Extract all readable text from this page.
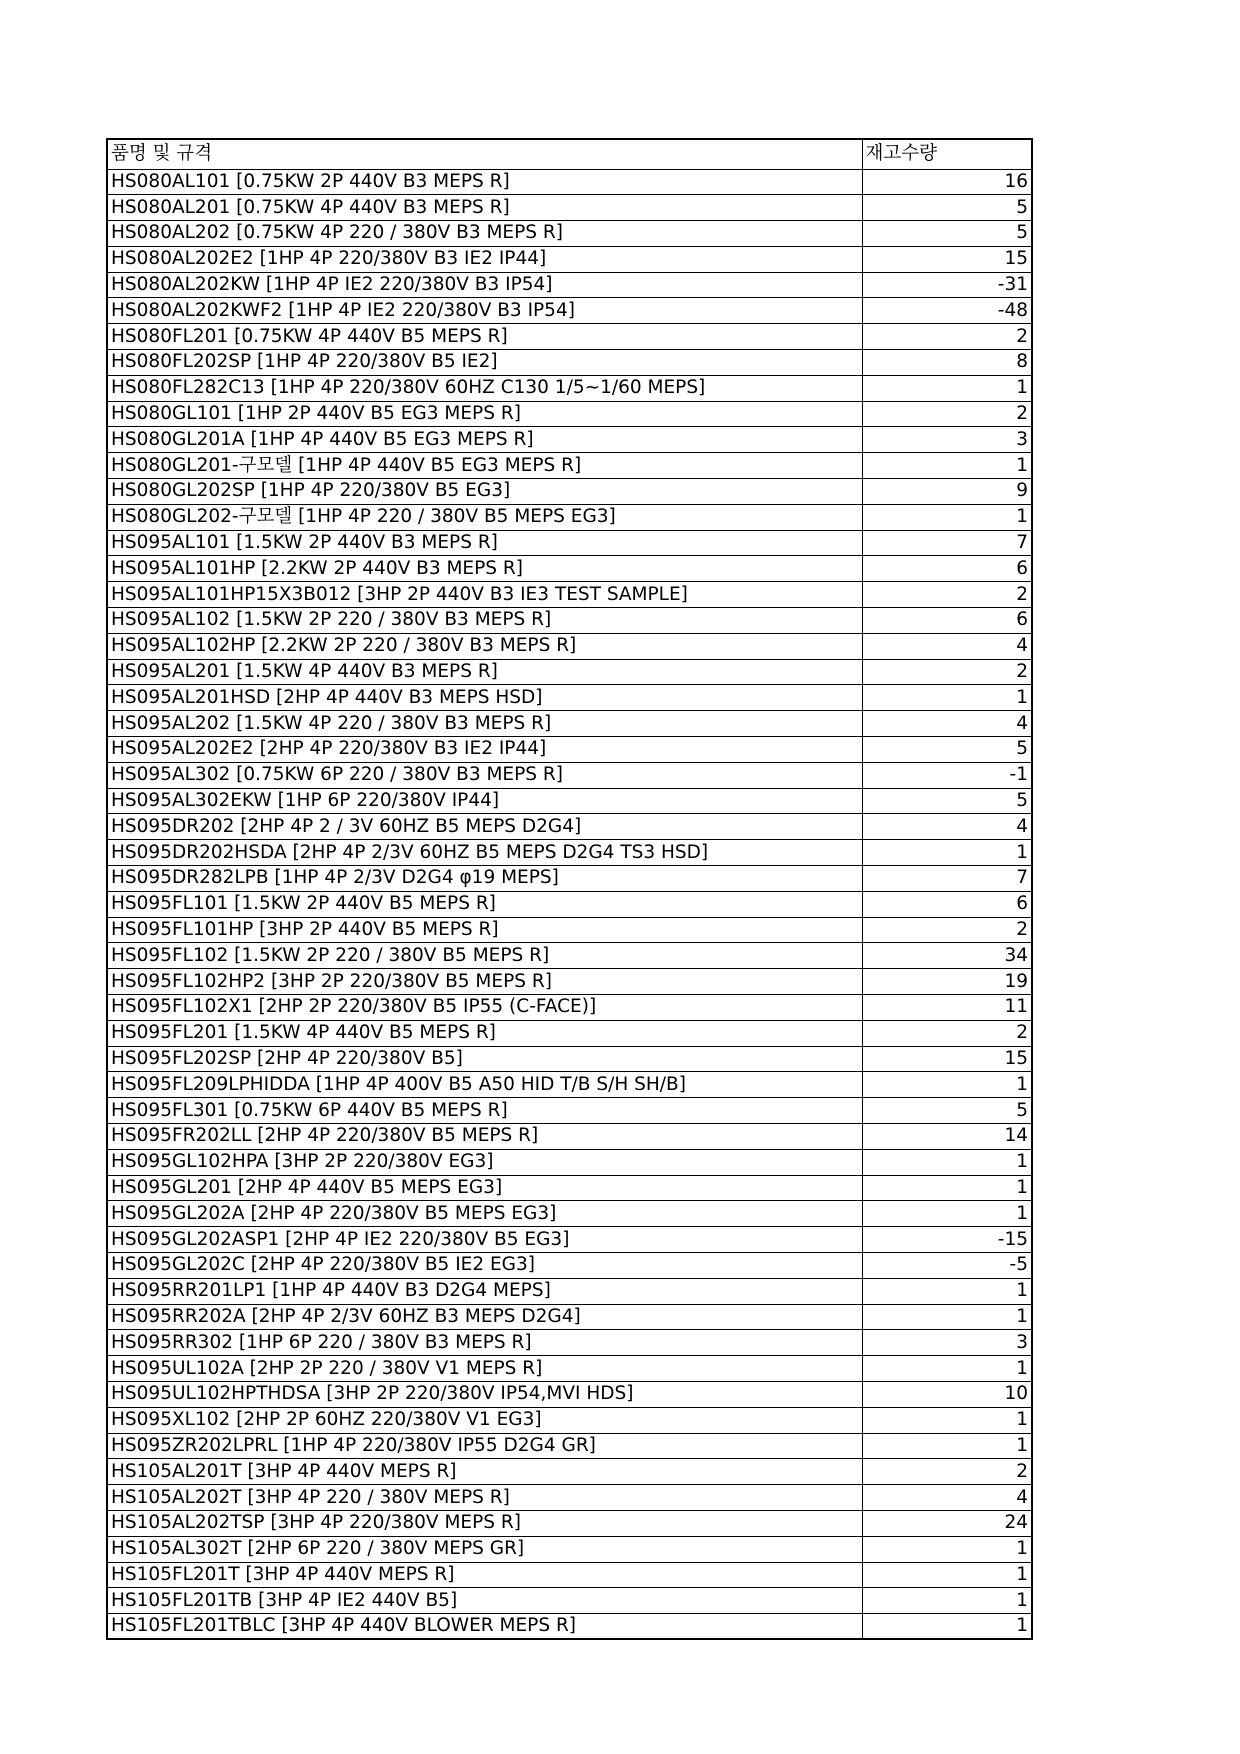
품명 및 규격	재고수량
HS080AL101 [0.75KW 2P 440V B3 MEPS R]	16
HS080AL201 [0.75KW 4P 440V B3 MEPS R]	5
HS080AL202 [0.75KW 4P 220 / 380V B3 MEPS R]	5
HS080AL202E2 [1HP 4P 220/380V B3 IE2 IP44]	15
HS080AL202KW [1HP 4P IE2 220/380V B3 IP54]	-31
HS080AL202KWF2 [1HP 4P IE2 220/380V B3 IP54]	-48
HS080FL201 [0.75KW 4P 440V B5 MEPS R]	2
HS080FL202SP [1HP 4P 220/380V B5 IE2]	8
HS080FL282C13 [1HP 4P 220/380V 60HZ C130 1/5~1/60 MEPS]	1
HS080GL101 [1HP 2P 440V B5 EG3 MEPS R]	2
HS080GL201A [1HP 4P 440V B5 EG3 MEPS R]	3
HS080GL201-구모델 [1HP 4P 440V B5 EG3 MEPS R]	1
HS080GL202SP [1HP 4P 220/380V B5 EG3]	9
HS080GL202-구모델 [1HP 4P 220 / 380V B5 MEPS EG3]	1
HS095AL101 [1.5KW 2P 440V B3 MEPS R]	7
HS095AL101HP [2.2KW 2P 440V B3 MEPS R]	6
HS095AL101HP15X3B012 [3HP 2P 440V B3 IE3 TEST SAMPLE]	2
HS095AL102 [1.5KW 2P 220 / 380V B3 MEPS R]	6
HS095AL102HP [2.2KW 2P 220 / 380V B3 MEPS R]	4
HS095AL201 [1.5KW 4P 440V B3 MEPS R]	2
HS095AL201HSD [2HP 4P 440V B3 MEPS HSD]	1
HS095AL202 [1.5KW 4P 220 / 380V B3 MEPS R]	4
HS095AL202E2 [2HP 4P 220/380V B3 IE2 IP44]	5
HS095AL302 [0.75KW 6P 220 / 380V B3 MEPS R]	-1
HS095AL302EKW [1HP 6P 220/380V IP44]	5
HS095DR202 [2HP 4P 2 / 3V 60HZ B5 MEPS D2G4]	4
HS095DR202HSDA [2HP 4P 2/3V 60HZ B5 MEPS D2G4 TS3 HSD]	1
HS095DR282LPB [1HP 4P 2/3V D2G4 φ19 MEPS]	7
HS095FL101 [1.5KW 2P 440V B5 MEPS R]	6
HS095FL101HP [3HP 2P 440V B5 MEPS R]	2
HS095FL102 [1.5KW 2P 220 / 380V B5 MEPS R]	34
HS095FL102HP2 [3HP 2P 220/380V B5 MEPS R]	19
HS095FL102X1 [2HP 2P 220/380V B5 IP55 (C-FACE)]	11
HS095FL201 [1.5KW 4P 440V B5 MEPS R]	2
HS095FL202SP [2HP 4P 220/380V B5]	15
HS095FL209LPHIDDA [1HP 4P 400V B5 A50 HID T/B S/H SH/B]	1
HS095FL301 [0.75KW 6P 440V B5 MEPS R]	5
HS095FR202LL [2HP 4P 220/380V B5 MEPS R]	14
HS095GL102HPA [3HP 2P 220/380V EG3]	1
HS095GL201 [2HP 4P 440V B5 MEPS EG3]	1
HS095GL202A [2HP 4P 220/380V B5 MEPS EG3]	1
HS095GL202ASP1 [2HP 4P IE2 220/380V B5 EG3]	-15
HS095GL202C [2HP 4P 220/380V B5 IE2 EG3]	-5
HS095RR201LP1 [1HP 4P 440V B3 D2G4 MEPS]	1
HS095RR202A [2HP 4P 2/3V 60HZ B3 MEPS D2G4]	1
HS095RR302 [1HP 6P 220 / 380V B3 MEPS R]	3
HS095UL102A [2HP 2P 220 / 380V V1 MEPS R]	1
HS095UL102HPTHDSA [3HP 2P 220/380V IP54,MVI HDS]	10
HS095XL102 [2HP 2P 60HZ 220/380V V1 EG3]	1
HS095ZR202LPRL [1HP 4P 220/380V IP55 D2G4 GR]	1
HS105AL201T [3HP 4P 440V MEPS R]	2
HS105AL202T [3HP 4P 220 / 380V MEPS R]	4
HS105AL202TSP [3HP 4P 220/380V MEPS R]	24
HS105AL302T [2HP 6P 220 / 380V MEPS GR]	1
HS105FL201T [3HP 4P 440V MEPS R]	1
HS105FL201TB [3HP 4P IE2 440V B5]	1
HS105FL201TBLC [3HP 4P 440V BLOWER MEPS R]	1
